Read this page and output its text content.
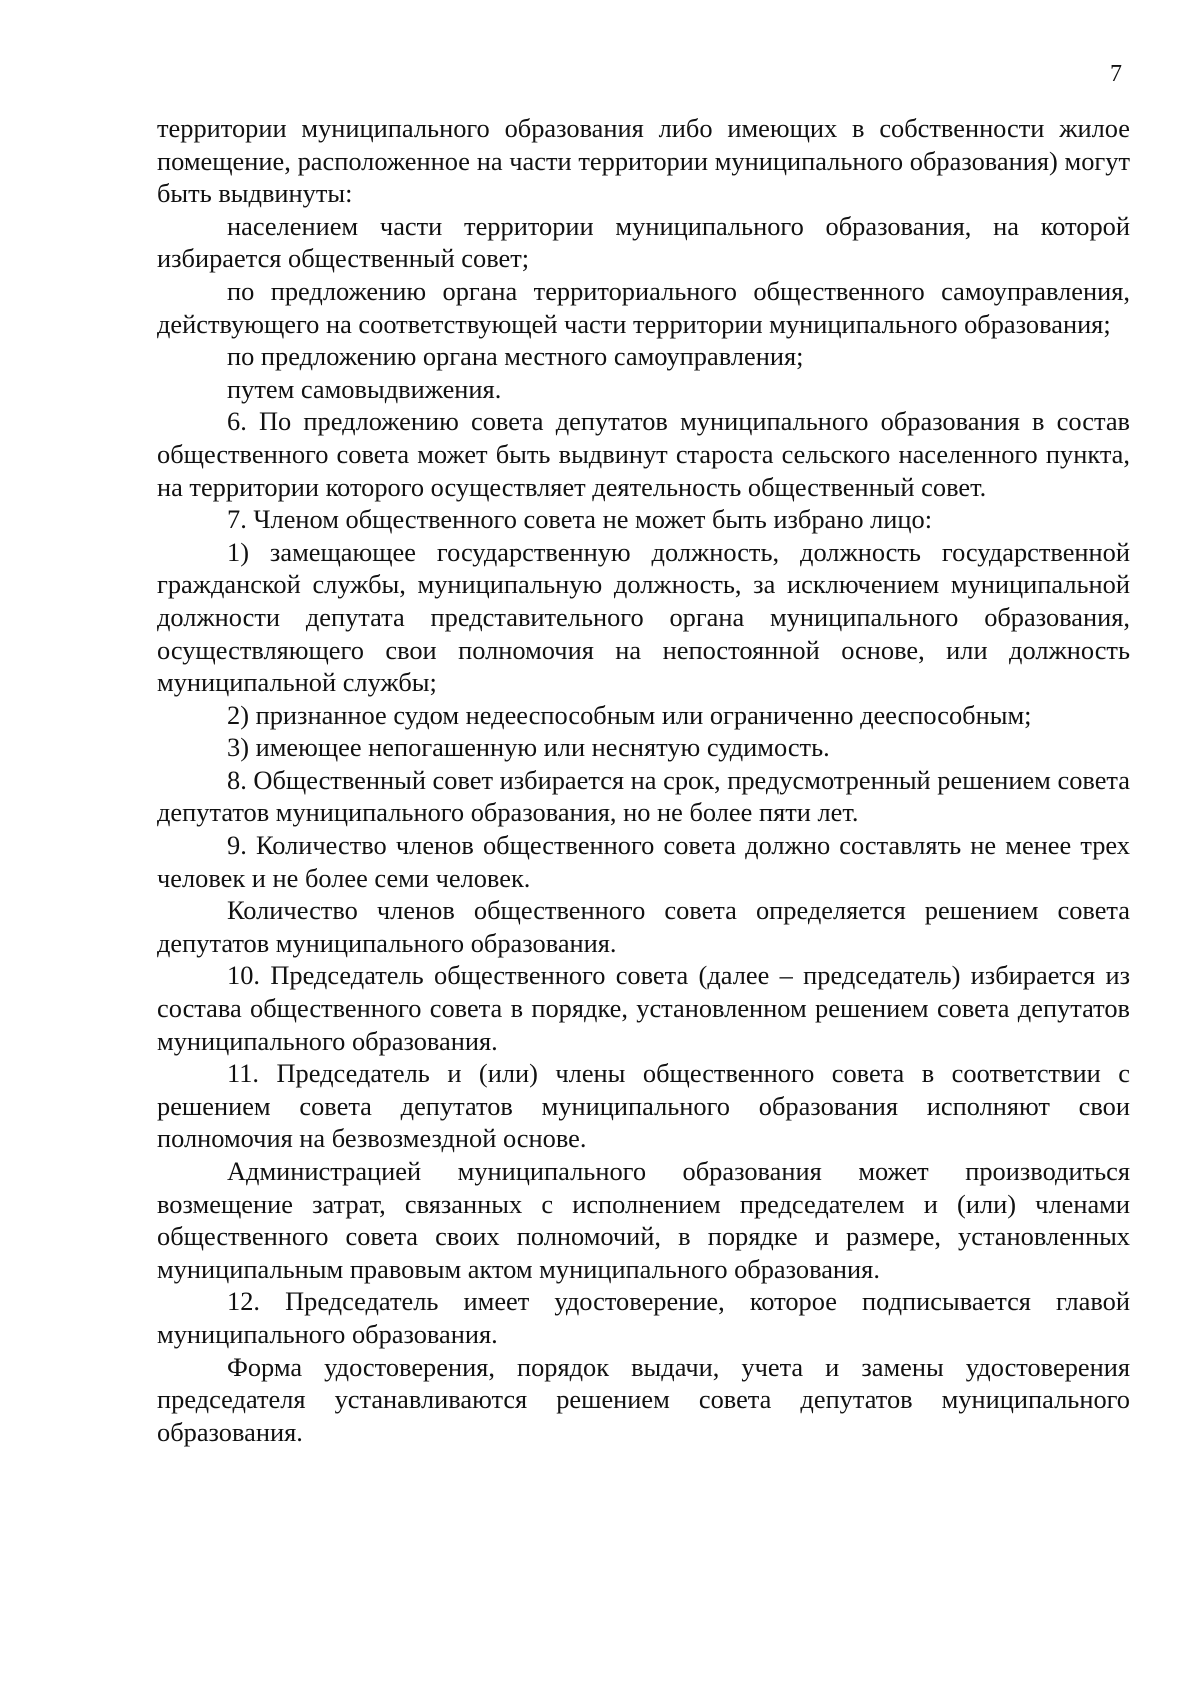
7

территории муниципального образования либо имеющих в собственности жилое помещение, расположенное на части территории муниципального образования) могут быть выдвинуты:

населением части территории муниципального образования, на которой избирается общественный совет;

по предложению органа территориального общественного самоуправления, действующего на соответствующей части территории муниципального образования;

по предложению органа местного самоуправления;

путем самовыдвижения.

6. По предложению совета депутатов муниципального образования в состав общественного совета может быть выдвинут староста сельского населенного пункта, на территории которого осуществляет деятельность общественный совет.

7. Членом общественного совета не может быть избрано лицо:

1) замещающее государственную должность, должность государственной гражданской службы, муниципальную должность, за исключением муниципальной должности депутата представительного органа муниципального образования, осуществляющего свои полномочия на непостоянной основе, или должность муниципальной службы;

2) признанное судом недееспособным или ограниченно дееспособным;

3) имеющее непогашенную или неснятую судимость.

8. Общественный совет избирается на срок, предусмотренный решением совета депутатов муниципального образования, но не более пяти лет.

9. Количество членов общественного совета должно составлять не менее трех человек и не более семи человек.

Количество членов общественного совета определяется решением совета депутатов муниципального образования.

10. Председатель общественного совета (далее – председатель) избирается из состава общественного совета в порядке, установленном решением совета депутатов муниципального образования.

11. Председатель и (или) члены общественного совета в соответствии с решением совета депутатов муниципального образования исполняют свои полномочия на безвозмездной основе.

Администрацией муниципального образования может производиться возмещение затрат, связанных с исполнением председателем и (или) членами общественного совета своих полномочий, в порядке и размере, установленных муниципальным правовым актом муниципального образования.

12. Председатель имеет удостоверение, которое подписывается главой муниципального образования.

Форма удостоверения, порядок выдачи, учета и замены удостоверения председателя устанавливаются решением совета депутатов муниципального образования.
